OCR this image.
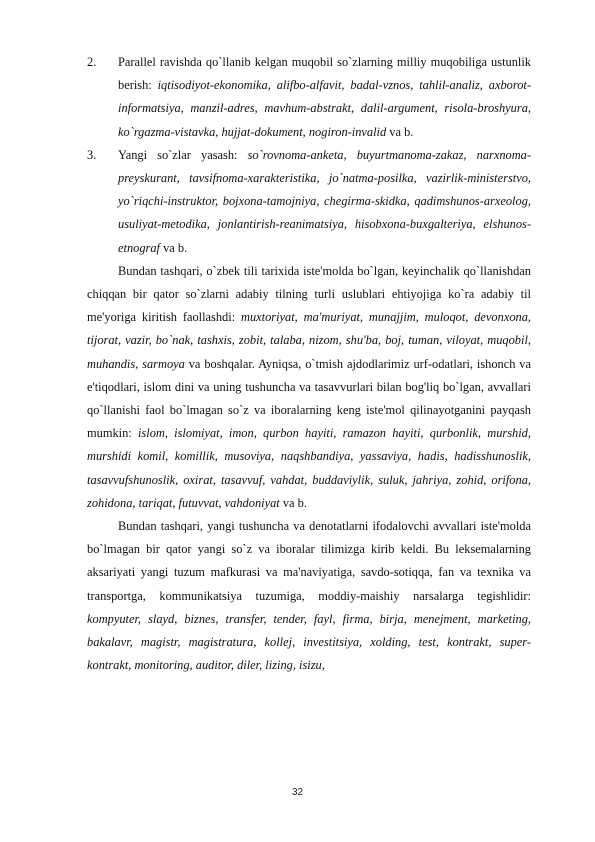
2. Parallel ravishda qo`llanib kelgan muqobil so`zlarning milliy muqobiliga ustunlik berish: iqtisodiyot-ekonomika, alifbo-alfavit, badal-vznos, tahlil-analiz, axborot-informatsiya, manzil-adres, mavhum-abstrakt, dalil-argument, risola-broshyura, ko`rgazma-vistavka, hujjat-dokument, nogiron-invalid va b.

3. Yangi so`zlar yasash: so`rovnoma-anketa, buyurtmanoma-zakaz, narxnoma-preyskurant, tavsifnoma-xarakteristika, jo`natma-posilka, vazirlik-ministerstvo, yo`riqchi-instruktor, bojxona-tamojniya, chegirma-skidka, qadimshunos-arxeolog, usuliyat-metodika, jonlantirish-reanimatsiya, hisobxona-buxgalteriya, elshunos-etnograf va b.

Bundan tashqari, o`zbek tili tarixida iste'molda bo`lgan, keyinchalik qo`llanishdan chiqqan bir qator so`zlarni adabiy tilning turli uslublari ehtiyojiga ko`ra adabiy til me'yoriga kiritish faollashdi: muxtoriyat, ma'muriyat, munajjim, muloqot, devonxona, tijorat, vazir, bo`nak, tashxis, zobit, talaba, nizom, shu'ba, boj, tuman, viloyat, muqobil, muhandis, sarmoya va boshqalar. Ayniqsa, o`tmish ajdodlarimiz urf-odatlari, ishonch va e'tiqodlari, islom dini va uning tushuncha va tasavvurlari bilan bog'liq bo`lgan, avvallari qo`llanishi faol bo`lmagan so`z va iboralarning keng iste'mol qilinayotganini payqash mumkin: islom, islomiyat, imon, qurbon hayiti, ramazon hayiti, qurbonlik, murshid, murshidi komil, komillik, musoviya, naqshbandiya, yassaviya, hadis, hadisshunoslik, tasavvufshunoslik, oxirat, tasavvuf, vahdat, buddaviylik, suluk, jahriya, zohid, orifona, zohidona, tariqat, futuvvat, vahdoniyat va b.

Bundan tashqari, yangi tushuncha va denotatlarni ifodalovchi avvallari iste'molda bo`lmagan bir qator yangi so`z va iboralar tilimizga kirib keldi. Bu leksemalarning aksariyati yangi tuzum mafkurasi va ma'naviyatiga, savdo-sotiqqa, fan va texnika va transportga, kommunikatsiya tuzumiga, moddiy-maishiy narsalarga tegishlidir: kompyuter, slayd, biznes, transfer, tender, fayl, firma, birja, menejment, marketing, bakalavr, magistr, magistratura, kollej, investitsiya, xolding, test, kontrakt, super-kontrakt, monitoring, auditor, diler, lizing, isizu,

32
